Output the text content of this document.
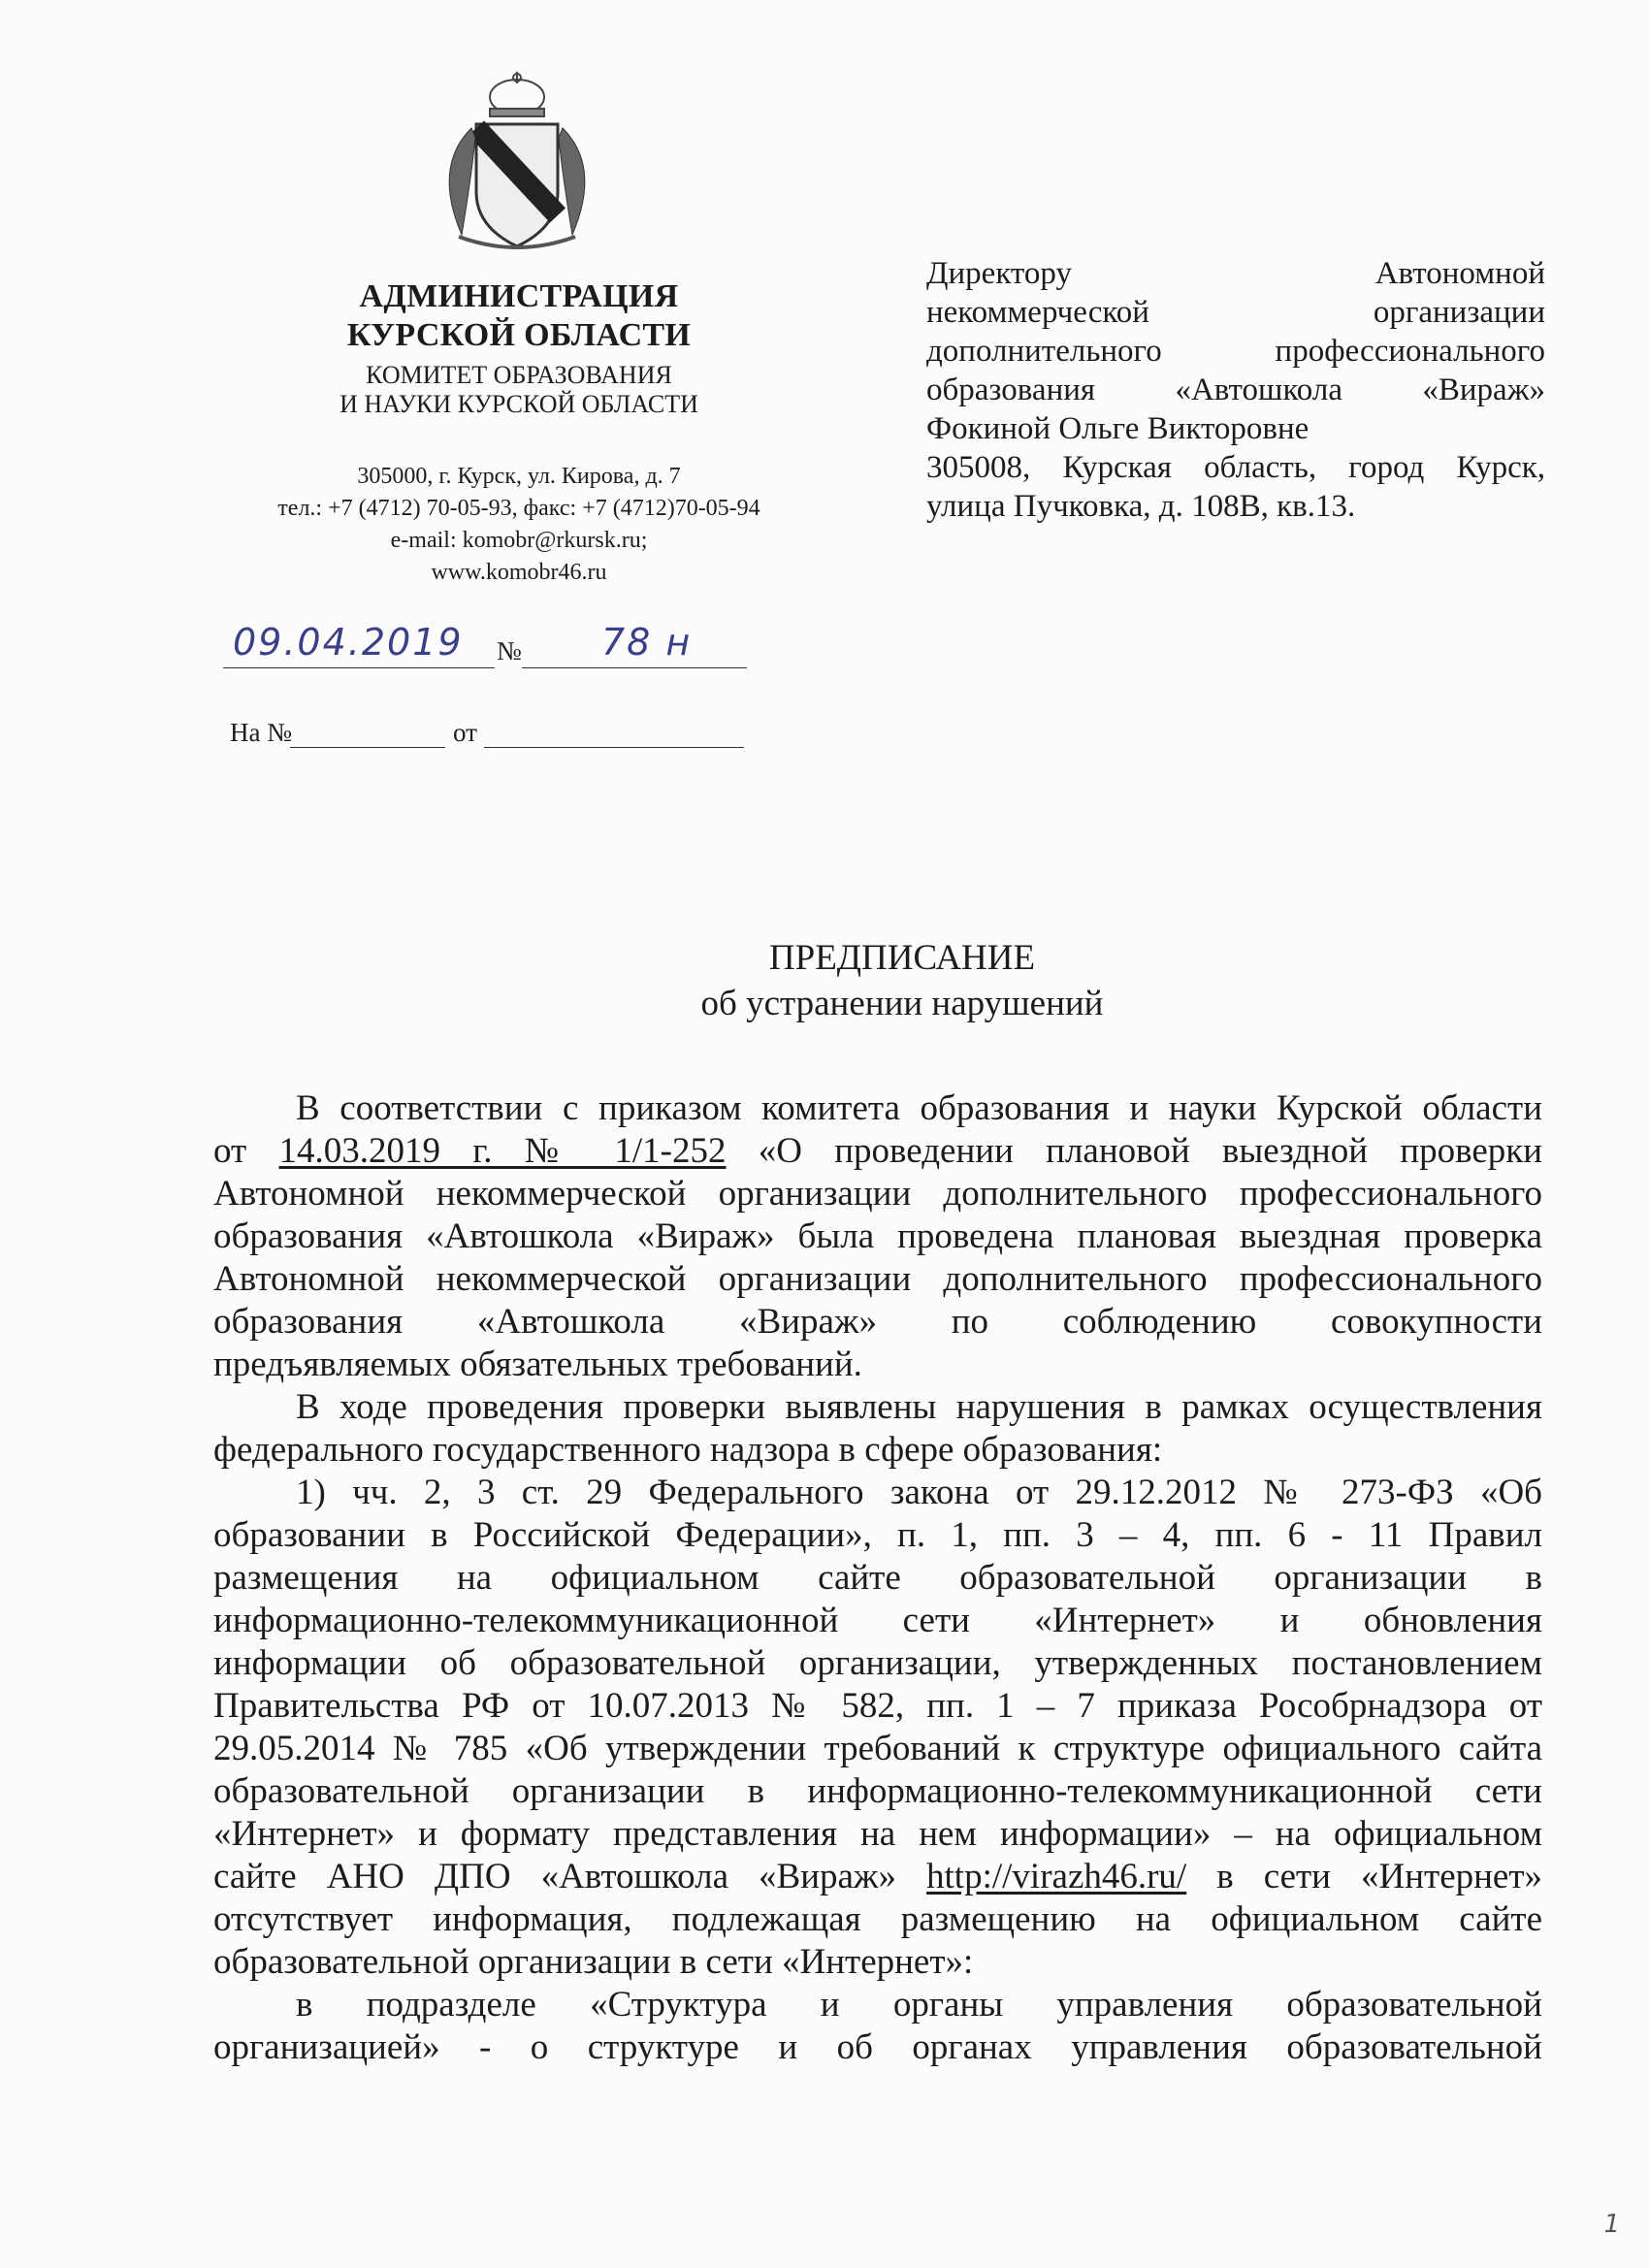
АДМИНИСТРАЦИЯ
КУРСКОЙ ОБЛАСТИ
КОМИТЕТ ОБРАЗОВАНИЯ
И НАУКИ КУРСКОЙ ОБЛАСТИ
305000, г. Курск, ул. Кирова, д. 7
тел.: +7 (4712) 70-05-93, факс: +7 (4712)70-05-94
e-mail: komobr@rkursk.ru;
www.komobr46.ru
09.04.2019 № 78 н
На №	от
Директору	Автономной
некоммерческой	организации
дополнительного профессионального
образования «Автошкола «Вираж»
Фокиной Ольге Викторовне
305008, Курская область, город Курск,
улица Пучковка, д. 108В, кв.13.
ПРЕДПИСАНИЕ
об устранении нарушений
В соответствии с приказом комитета образования и науки Курской области
от 14.03.2019 г. № 1/1-252 «О проведении плановой выездной проверки
Автономной некоммерческой организации дополнительного профессионального
образования «Автошкола «Вираж» была проведена плановая выездная проверка
Автономной некоммерческой организации дополнительного профессионального
образования «Автошкола «Вираж» по соблюдению совокупности
предъявляемых обязательных требований.
В ходе проведения проверки выявлены нарушения в рамках осуществления
федерального государственного надзора в сфере образования:
1) чч. 2, 3 ст. 29 Федерального закона от 29.12.2012 № 273-ФЗ «Об
образовании в Российской Федерации», п. 1, пп. 3 – 4, пп. 6 - 11 Правил
размещения на официальном сайте образовательной организации в
информационно-телекоммуникационной сети «Интернет» и обновления
информации об образовательной организации, утвержденных постановлением
Правительства РФ от 10.07.2013 № 582, пп. 1 – 7 приказа Рособрнадзора от
29.05.2014 № 785 «Об утверждении требований к структуре официального сайта
образовательной организации в информационно-телекоммуникационной сети
«Интернет» и формату представления на нем информации» – на официальном
сайте АНО ДПО «Автошкола «Вираж» http://virazh46.ru/ в сети «Интернет»
отсутствует информация, подлежащая размещению на официальном сайте
образовательной организации в сети «Интернет»:
в подразделе «Структура и органы управления образовательной
организацией» - о структуре и об органах управления образовательной
1
